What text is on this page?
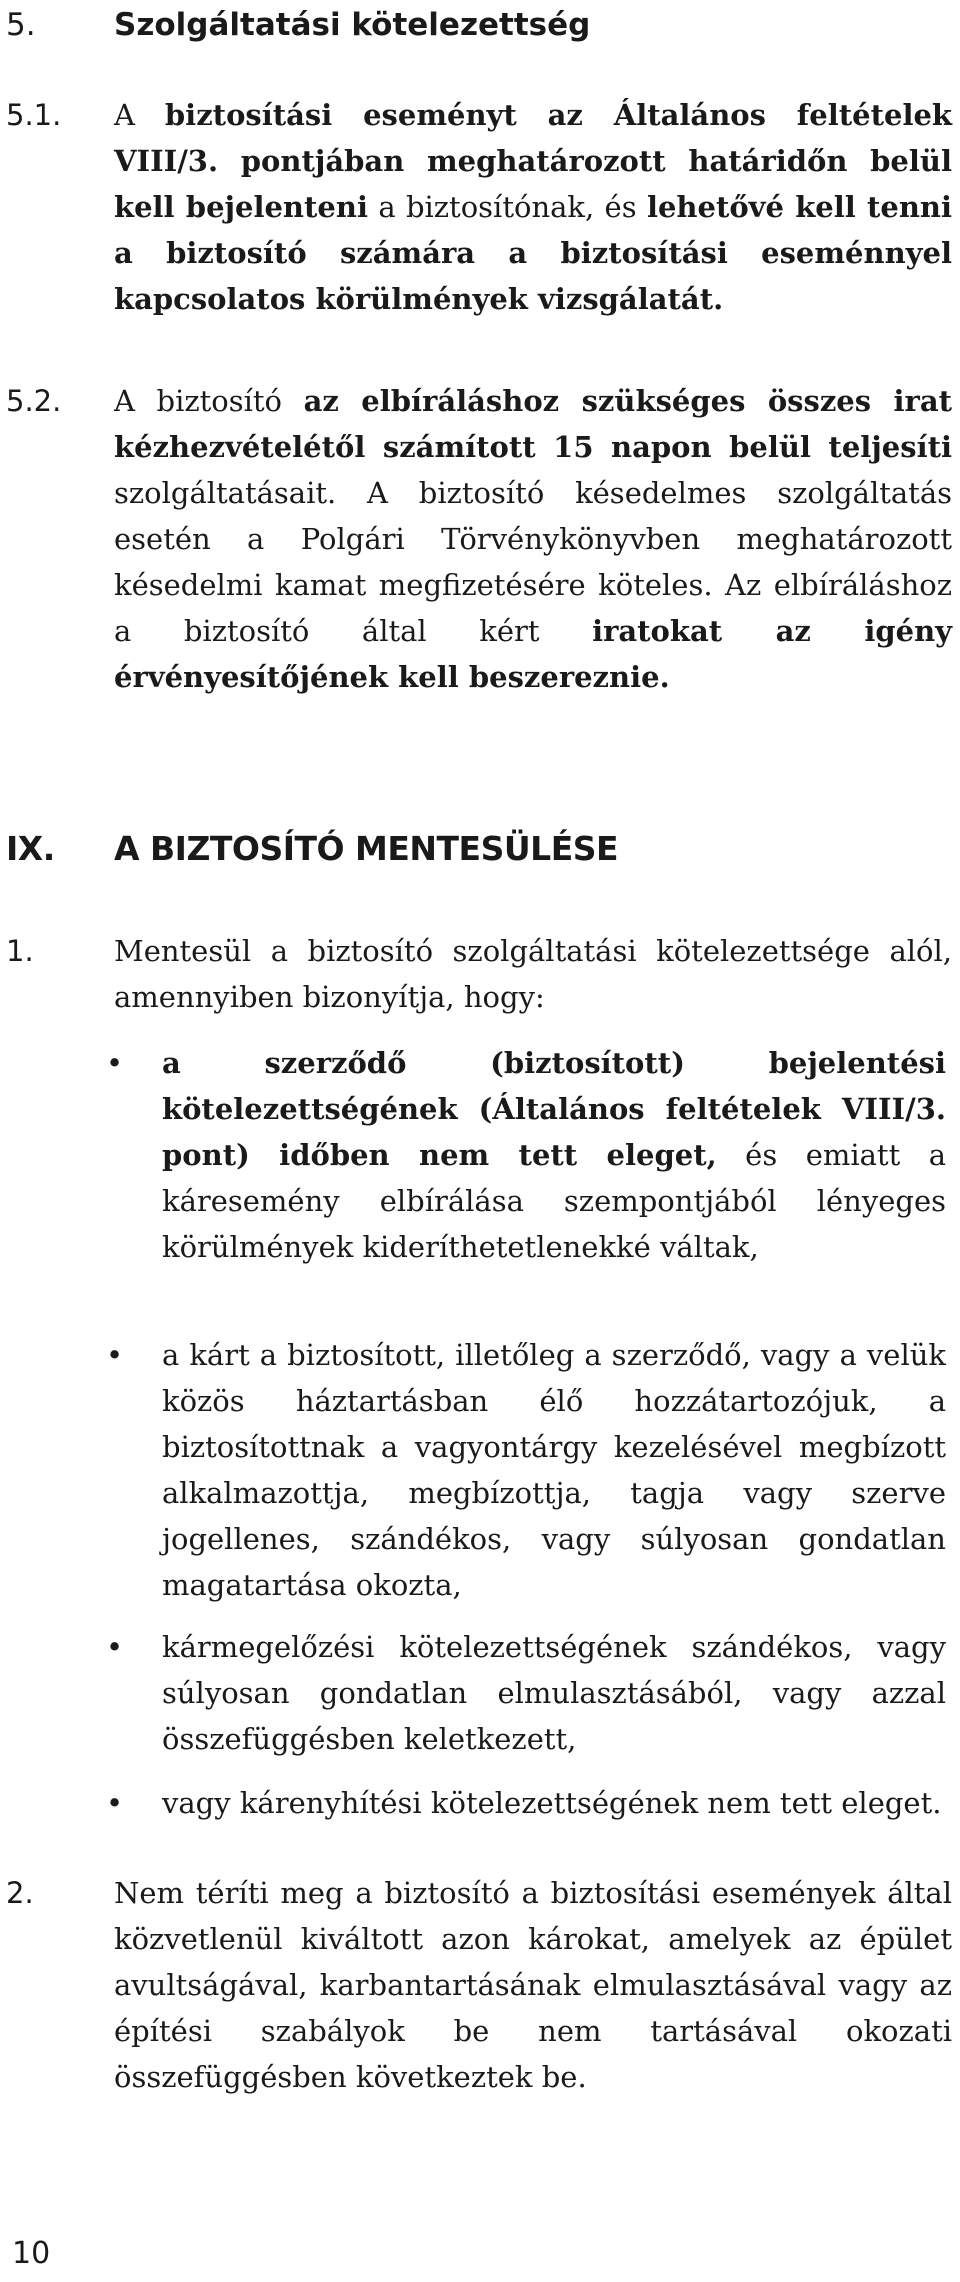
5.	Szolgáltatási kötelezettség
5.1. A biztosítási eseményt az Általános feltételek VIII/3. pontjában meghatározott határidőn belül kell bejelenteni a biztosítónak, és lehetővé kell tenni a biztosító számára a biztosítási eseménnyel kapcsolatos körülmények vizsgálatát.
5.2. A biztosító az elbíráláshoz szükséges összes irat kézhezvételétől számított 15 napon belül teljesíti szolgáltatásait. A biztosító késedelmes szolgáltatás esetén a Polgári Törvénykönyvben meghatározott késedelmi kamat megfizetésére köteles. Az elbíráláshoz a biztosító által kért iratokat az igény érvényesítőjének kell beszereznie.
IX. A BIZTOSÍTÓ MENTESÜLÉSE
1.	Mentesül a biztosító szolgáltatási kötelezettsége alól, amennyiben bizonyítja, hogy:
• a szerződő (biztosított) bejelentési kötelezettségének (Általános feltételek VIII/3. pont) időben nem tett eleget, és emiatt a káresemény elbírálása szempontjából lényeges körülmények kideríthetetlenekké váltak,
• a kárt a biztosított, illetőleg a szerződő, vagy a velük közös háztartásban élő hozzátartozójuk, a biztosítottnak a vagyontárgy kezelésével megbízott alkalmazottja, megbízottja, tagja vagy szerve jogellenes, szándékos, vagy súlyosan gondatlan magatartása okozta,
• kármegelőzési kötelezettségének szándékos, vagy súlyosan gondatlan elmulasztásából, vagy azzal összefüggésben keletkezett,
• vagy kárenyhítési kötelezettségének nem tett eleget.
2.	Nem téríti meg a biztosító a biztosítási események által közvetlenül kiváltott azon károkat, amelyek az épület avultságával, karbantartásának elmulasztásával vagy az építési szabályok be nem tartásával okozati összefüggésben következtek be.
10
